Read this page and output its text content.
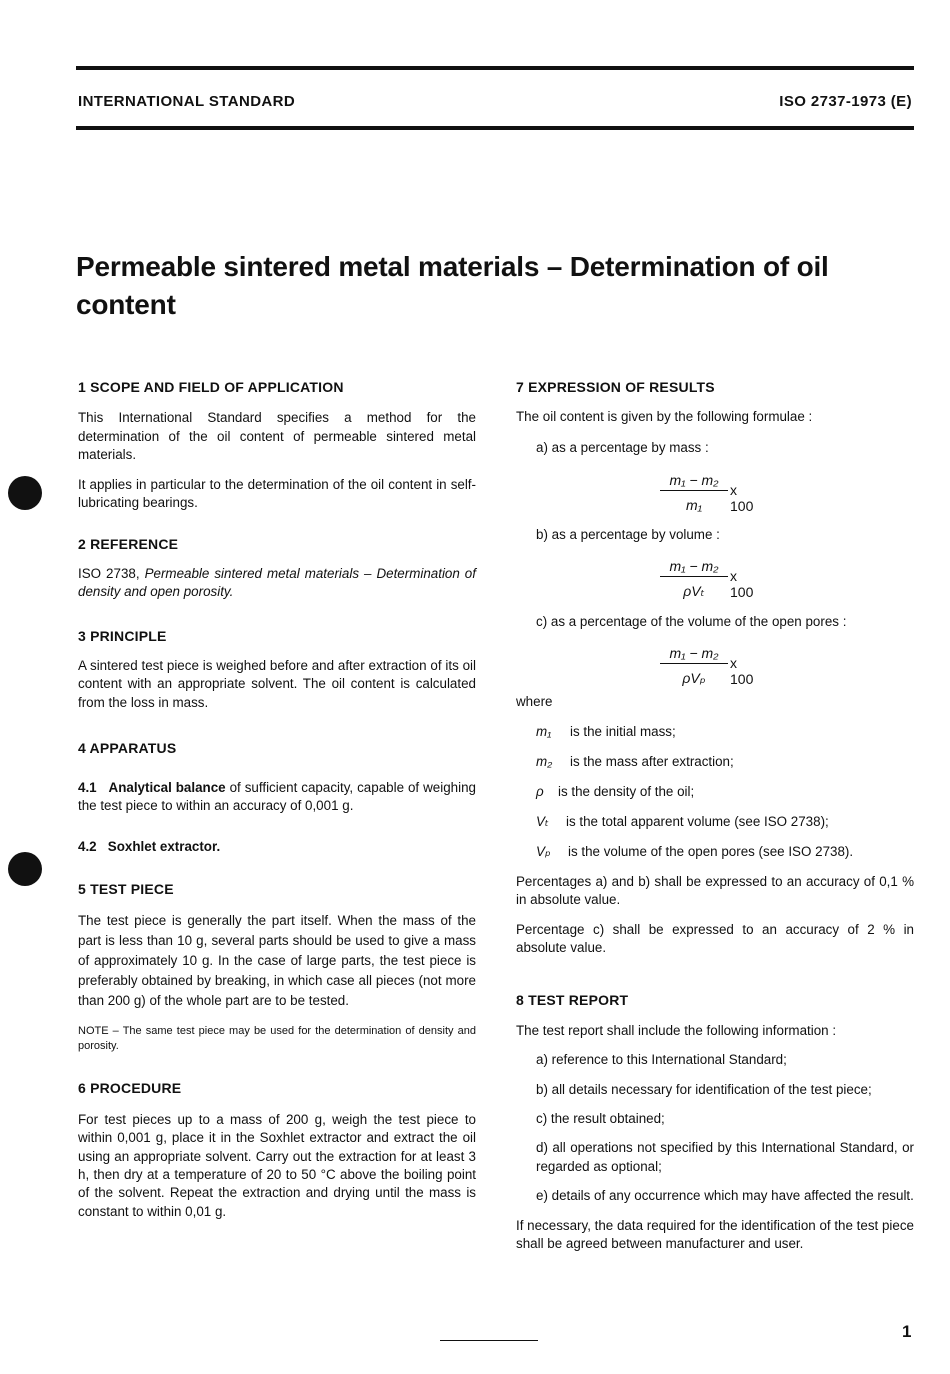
INTERNATIONAL STANDARD	ISO 2737-1973 (E)
Permeable sintered metal materials – Determination of oil content

1 SCOPE AND FIELD OF APPLICATION

This International Standard specifies a method for the determination of the oil content of permeable sintered metal materials.

It applies in particular to the determination of the oil content in self-lubricating bearings.

2 REFERENCE

ISO 2738, Permeable sintered metal materials – Determination of density and open porosity.

3 PRINCIPLE

A sintered test piece is weighed before and after extraction of its oil content with an appropriate solvent. The oil content is calculated from the loss in mass.

4 APPARATUS

4.1 Analytical balance of sufficient capacity, capable of weighing the test piece to within an accuracy of 0,001 g.

4.2 Soxhlet extractor.

5 TEST PIECE

The test piece is generally the part itself. When the mass of the part is less than 10 g, several parts should be used to give a mass of approximately 10 g. In the case of large parts, the test piece is preferably obtained by breaking, in which case all pieces (not more than 200 g) of the whole part are to be tested.

NOTE – The same test piece may be used for the determination of density and porosity.

6 PROCEDURE

For test pieces up to a mass of 200 g, weigh the test piece to within 0,001 g, place it in the Soxhlet extractor and extract the oil using an appropriate solvent. Carry out the extraction for at least 3 h, then dry at a temperature of 20 to 50 °C above the boiling point of the solvent. Repeat the extraction and drying until the mass is constant to within 0,01 g.

7 EXPRESSION OF RESULTS

The oil content is given by the following formulae :

a) as a percentage by mass :

m₁ − m₂
m₁
x 100

b) as a percentage by volume :

m₁ − m₂
ρVₜ
x 100

c) as a percentage of the volume of the open pores :

m₁ − m₂
ρVₚ
x 100

where

m₁ is the initial mass;

m₂ is the mass after extraction;

ρ is the density of the oil;

Vₜ is the total apparent volume (see ISO 2738);

Vₚ is the volume of the open pores (see ISO 2738).

Percentages a) and b) shall be expressed to an accuracy of 0,1 % in absolute value.

Percentage c) shall be expressed to an accuracy of 2 % in absolute value.

8 TEST REPORT

The test report shall include the following information :

a) reference to this International Standard;

b) all details necessary for identification of the test piece;

c) the result obtained;

d) all operations not specified by this International Standard, or regarded as optional;

e) details of any occurrence which may have affected the result.

If necessary, the data required for the identification of the test piece shall be agreed between manufacturer and user.

1
